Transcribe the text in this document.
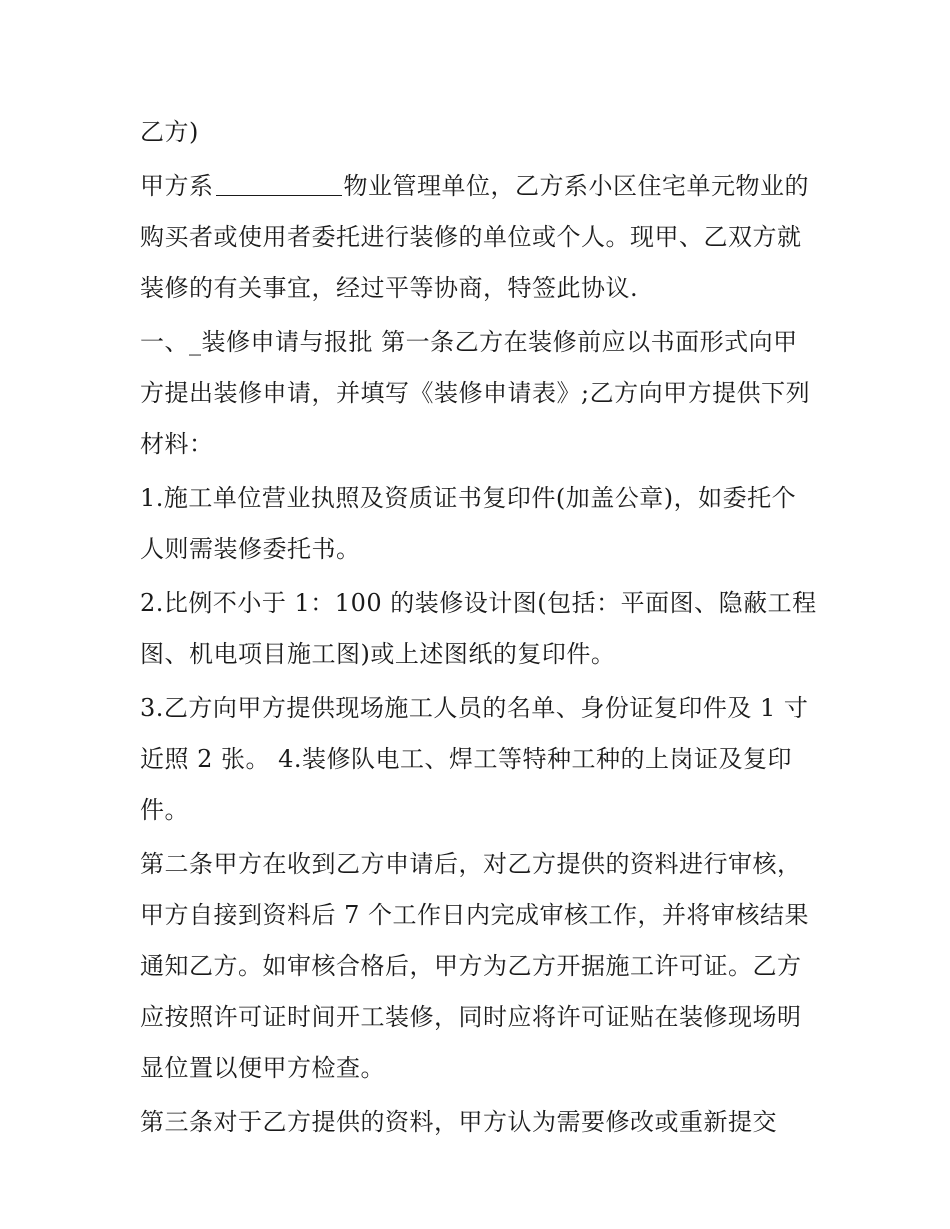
乙方)

甲方系	物业管理单位，乙方系小区住宅单元物业的购买者或使用者委托进行装修的单位或个人。现甲、乙双方就装修的有关事宜，经过平等协商，特签此协议.

一、_装修申请与报批 第一条乙方在装修前应以书面形式向甲方提出装修申请，并填写《装修申请表》;乙方向甲方提供下列材料：

1.施工单位营业执照及资质证书复印件(加盖公章)，如委托个人则需装修委托书。

2.比例不小于 1：100 的装修设计图(包括：平面图、隐蔽工程图、机电项目施工图)或上述图纸的复印件。

3.乙方向甲方提供现场施工人员的名单、身份证复印件及 1 寸近照 2 张。 4.装修队电工、焊工等特种工种的上岗证及复印件。

第二条甲方在收到乙方申请后，对乙方提供的资料进行审核，甲方自接到资料后 7 个工作日内完成审核工作，并将审核结果通知乙方。如审核合格后，甲方为乙方开据施工许可证。乙方应按照许可证时间开工装修，同时应将许可证贴在装修现场明显位置以便甲方检查。

第三条对于乙方提供的资料，甲方认为需要修改或重新提交
